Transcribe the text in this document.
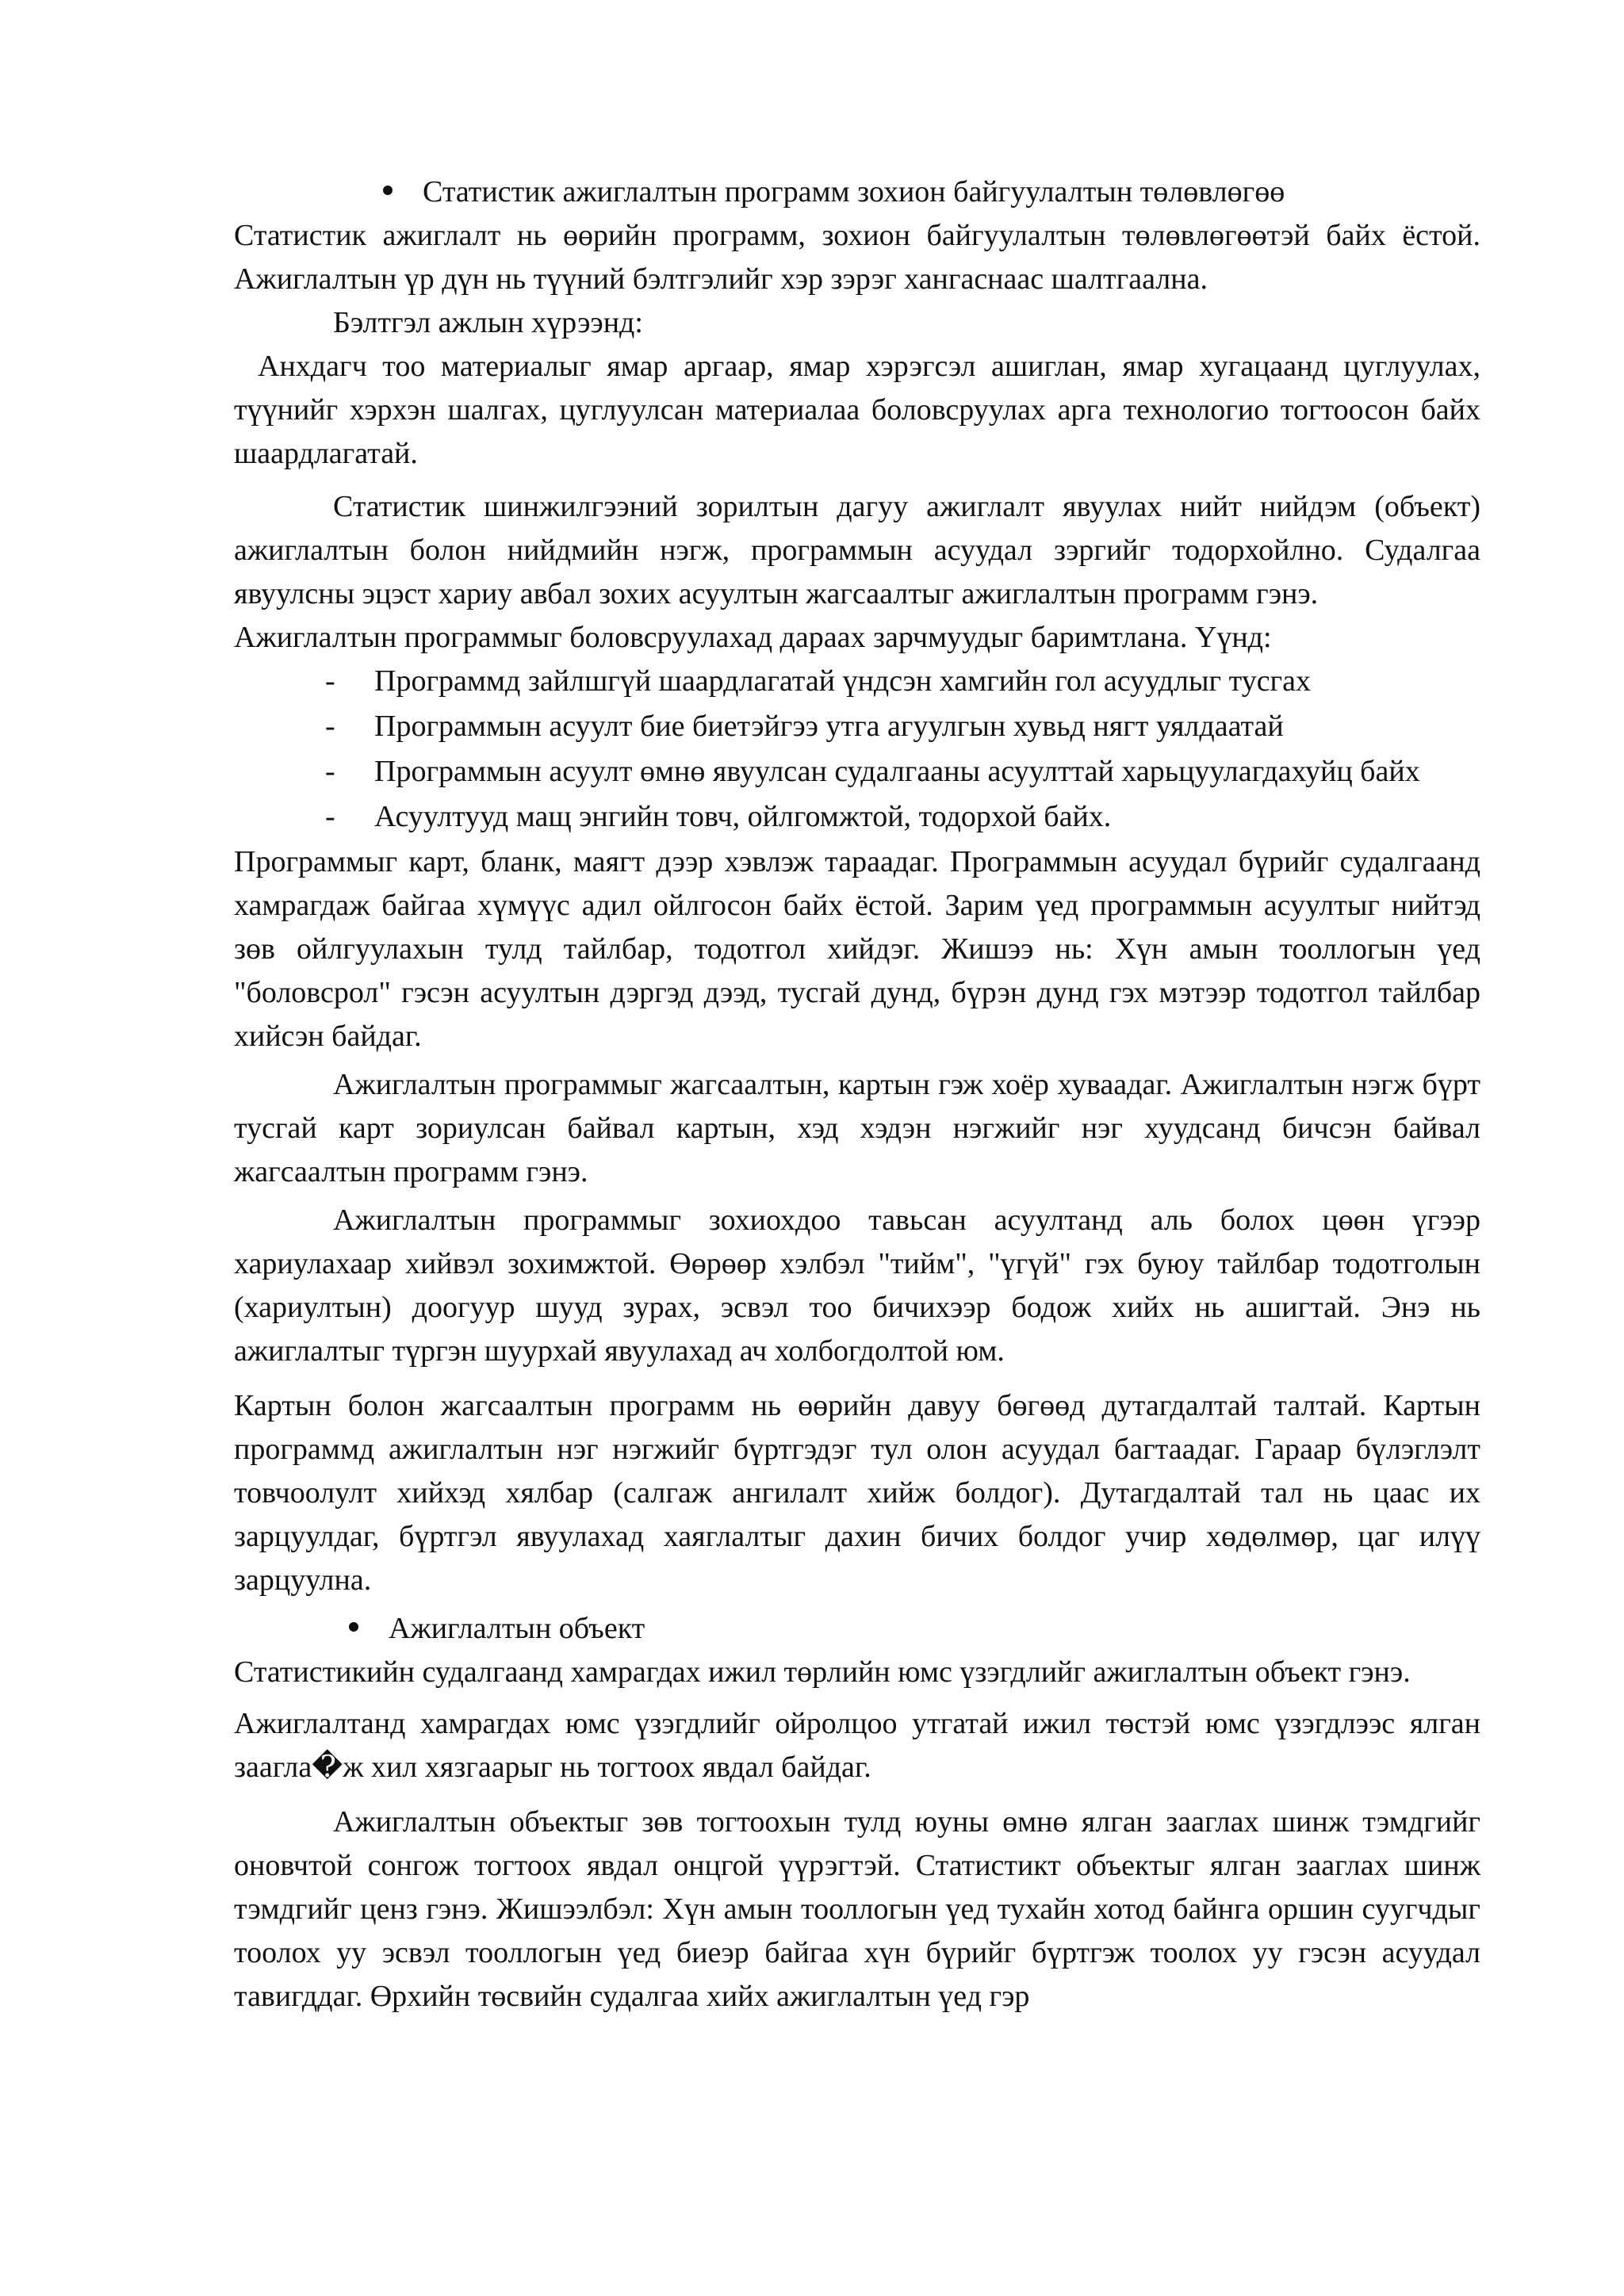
Статистик ажиглалтын программ зохион байгуулалтын төлөвлөгөө

Статистик ажиглалт нь өөрийн программ, зохион байгуулалтын төлөвлөгөөтэй байх ёстой. Ажиглалтын үр дүн нь түүний бэлтгэлийг хэр зэрэг хангаснаас шалтгаална.

Бэлтгэл ажлын хүрээнд:

Анхдагч тоо материалыг ямар аргаар, ямар хэрэгсэл ашиглан, ямар хугацаанд цуглуулах, түүнийг хэрхэн шалгах, цуглуулсан материалаа боловсруулах арга технологио тогтоосон байх шаардлагатай.

Статистик шинжилгээний зорилтын дагуу ажиглалт явуулах нийт нийдэм (объект) ажиглалтын болон нийдмийн нэгж, программын асуудал зэргийг тодорхойлно. Судалгаа явуулсны эцэст хариу авбал зохих асуултын жагсаалтыг ажиглалтын программ гэнэ.

Ажиглалтын программыг боловсруулахад дараах зарчмуудыг баримтлана. Үүнд:

-	Программд зайлшгүй шаардлагатай үндсэн хамгийн гол асуудлыг тусгах
-	Программын асуулт бие биетэйгээ утга агуулгын хувьд нягт уялдаатай
-	Программын асуулт өмнө явуулсан судалгааны асуулттай харьцуулагдахуйц байх
-	Асуултууд мащ энгийн товч, ойлгомжтой, тодорхой байх.

Программыг карт, бланк, маягт дээр хэвлэж тараадаг. Программын асуудал бүрийг судалгаанд хамрагдаж байгаа хүмүүс адил ойлгосон байх ёстой. Зарим үед программын асуултыг нийтэд зөв ойлгуулахын тулд тайлбар, тодотгол хийдэг. Жишээ нь: Хүн амын тооллогын үед "боловсрол" гэсэн асуултын дэргэд дээд, тусгай дунд, бүрэн дунд гэх мэтээр тодотгол тайлбар хийсэн байдаг.

Ажиглалтын программыг жагсаалтын, картын гэж хоёр хуваадаг. Ажиглалтын нэгж бүрт тусгай карт зориулсан байвал картын, хэд хэдэн нэгжийг нэг хуудсанд бичсэн байвал жагсаалтын программ гэнэ.

Ажиглалтын программыг зохиохдоо тавьсан асуултанд аль болох цөөн үгээр хариулахаар хийвэл зохимжтой. Өөрөөр хэлбэл "тийм", "үгүй" гэх буюу тайлбар тодотголын (хариултын) доогуур шууд зурах, эсвэл тоо бичихээр бодож хийх нь ашигтай. Энэ нь ажиглалтыг түргэн шуурхай явуулахад ач холбогдолтой юм.

Картын болон жагсаалтын программ нь өөрийн давуу бөгөөд дутагдалтай талтай. Картын программд ажиглалтын нэг нэгжийг бүртгэдэг тул олон асуудал багтаадаг. Гараар бүлэглэлт товчоолулт хийхэд хялбар (салгаж ангилалт хийж болдог). Дутагдалтай тал нь цаас их зарцуулдаг, бүртгэл явуулахад хаяглалтыг дахин бичих болдог учир хөдөлмөр, цаг илүү зарцуулна.

Ажиглалтын объект

Статистикийн судалгаанд хамрагдах ижил төрлийн юмс үзэгдлийг ажиглалтын объект гэнэ.

Ажиглалтанд хамрагдах юмс үзэгдлийг ойролцоо утгатай ижил төстэй юмс үзэгдлээс ялган заагла�ж хил хязгаарыг нь тогтоох явдал байдаг.

Ажиглалтын объектыг зөв тогтоохын тулд юуны өмнө ялган зааглах шинж тэмдгийг оновчтой сонгож тогтоох явдал онцгой үүрэгтэй. Статистикт объектыг ялган зааглах шинж тэмдгийг ценз гэнэ. Жишээлбэл: Хүн амын тооллогын үед тухайн хотод байнга оршин суугчдыг тоолох уу эсвэл тооллогын үед биеэр байгаа хүн бүрийг бүртгэж тоолох уу гэсэн асуудал тавигддаг. Өрхийн төсвийн судалгаа хийх ажиглалтын үед гэр
